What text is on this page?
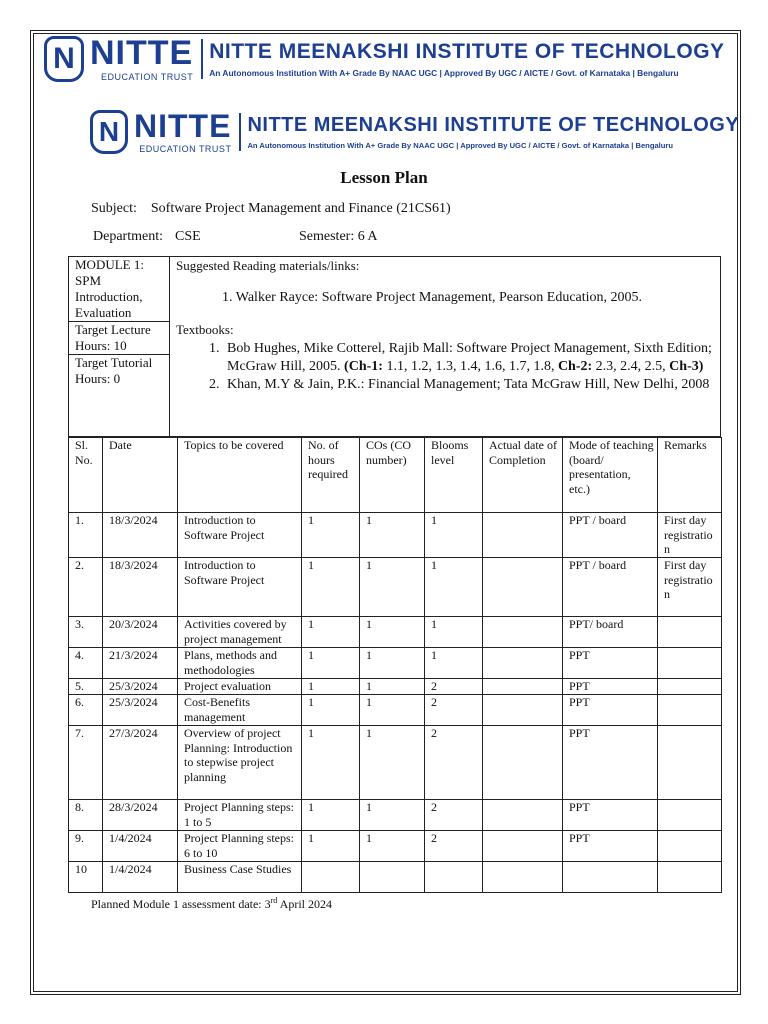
N NITTE
EDUCATION TRUST
NITTE MEENAKSHI INSTITUTE OF TECHNOLOGY
An Autonomous Institution With A+ Grade By NAAC UGC | Approved By UGC / AICTE / Govt. of Karnataka | Bengaluru
N NITTE
EDUCATION TRUST
NITTE MEENAKSHI INSTITUTE OF TECHNOLOGY
An Autonomous Institution With A+ Grade By NAAC UGC | Approved By UGC / AICTE / Govt. of Karnataka | Bengaluru
Lesson Plan
Subject: Software Project Management and Finance (21CS61)
Department: CSE	Semester: 6 A
MODULE 1: SPM Introduction, Evaluation
Target Lecture Hours: 10
Target Tutorial Hours: 0

Suggested Reading materials/links:
1. Walker Rayce: Software Project Management, Pearson Education, 2005.
Textbooks:
1. Bob Hughes, Mike Cotterel, Rajib Mall: Software Project Management, Sixth Edition; McGraw Hill, 2005. (Ch-1: 1.1, 1.2, 1.3, 1.4, 1.6, 1.7, 1.8, Ch-2: 2.3, 2.4, 2.5, Ch-3)
2. Khan, M.Y & Jain, P.K.: Financial Management; Tata McGraw Hill, New Delhi, 2008
Sl. No.	Date	Topics to be covered	No. of hours required	COs (CO number)	Blooms level	Actual date of Completion	Mode of teaching (board/ presentation, etc.)	Remarks
1.	18/3/2024	Introduction to Software Project	1	1	1		PPT / board	First day registratio n
2.	18/3/2024	Introduction to Software Project	1	1	1		PPT / board	First day registratio n
3.	20/3/2024	Activities covered by project management	1	1	1		PPT/ board	
4.	21/3/2024	Plans, methods and methodologies	1	1	1		PPT	
5.	25/3/2024	Project evaluation	1	1	2		PPT	
6.	25/3/2024	Cost-Benefits management	1	1	2		PPT	
7.	27/3/2024	Overview of project Planning: Introduction to stepwise project planning	1	1	2		PPT	
8.	28/3/2024	Project Planning steps: 1 to 5	1	1	2		PPT	
9.	1/4/2024	Project Planning steps: 6 to 10	1	1	2		PPT	
10	1/4/2024	Business Case Studies						
Planned Module 1 assessment date: 3rd April 2024
